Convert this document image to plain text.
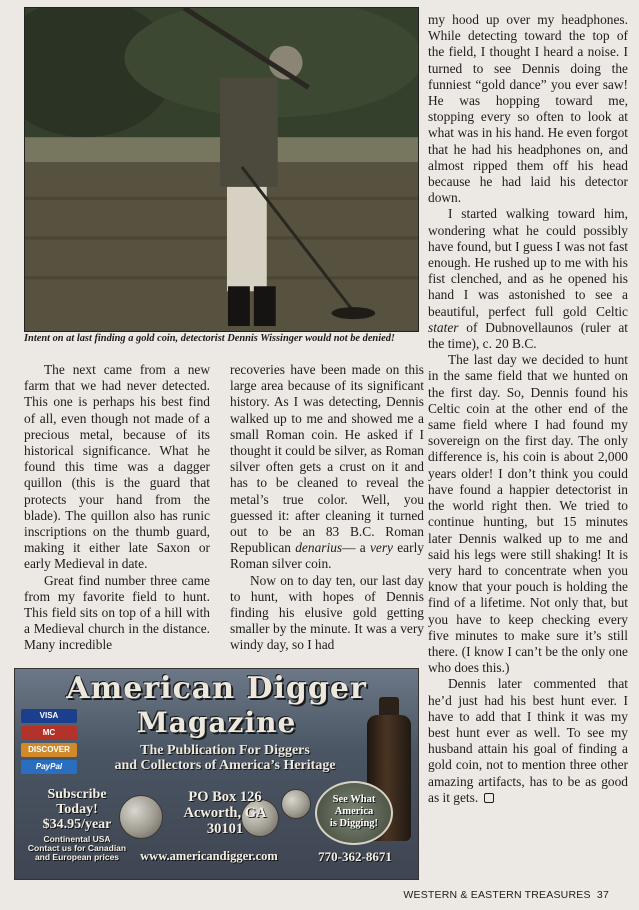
Intent on at last finding a gold coin, detectorist Dennis Wissinger would not be denied!

The next came from a new farm that we had never detected. This one is perhaps his best find of all, even though not made of a precious metal, because of its historical significance. What he found this time was a dagger quillon (this is the guard that protects your hand from the blade). The quillon also has runic inscriptions on the thumb guard, making it either late Saxon or early Medieval in date.

Great find number three came from my favorite field to hunt. This field sits on top of a hill with a Medieval church in the distance. Many incredible

recoveries have been made on this large area because of its significant history. As I was detecting, Dennis walked up to me and showed me a small Roman coin. He asked if I thought it could be silver, as Roman silver often gets a crust on it and has to be cleaned to reveal the metal’s true color. Well, you guessed it: after cleaning it turned out to be an 83 B.C. Roman Republican denarius— a very early Roman silver coin.

Now on to day ten, our last day to hunt, with hopes of Dennis finding his elusive gold getting smaller by the minute. It was a very windy day, so I had

my hood up over my headphones. While detecting toward the top of the field, I thought I heard a noise. I turned to see Dennis doing the funniest “gold dance” you ever saw! He was hopping toward me, stopping every so often to look at what was in his hand. He even forgot that he had his headphones on, and almost ripped them off his head because he had laid his detector down.

I started walking toward him, wondering what he could possibly have found, but I guess I was not fast enough. He rushed up to me with his fist clenched, and as he opened his hand I was astonished to see a beautiful, perfect full gold Celtic stater of Dubnovellaunos (ruler at the time), c. 20 B.C.

The last day we decided to hunt in the same field that we hunted on the first day. So, Dennis found his Celtic coin at the other end of the same field where I had found my sovereign on the first day. The only difference is, his coin is about 2,000 years older! I don’t think you could have found a happier detectorist in the world right then. We tried to continue hunting, but 15 minutes later Dennis walked up to me and said his legs were still shaking! It is very hard to concentrate when you know that your pouch is holding the find of a lifetime. Not only that, but you have to keep checking every five minutes to make sure it’s still there. (I know I can’t be the only one who does this.)

Dennis later commented that he’d just had his best hunt ever. I have to add that I think it was my best hunt ever as well. To see my husband attain his goal of finding a gold coin, not to mention three other amazing artifacts, has to be as good as it gets.

American Digger
Magazine
VISA
MC
DISCOVER
PayPal
The Publication For Diggers
and Collectors of America’s Heritage
Subscribe Today!
$34.95/year
Continental USA Contact us for Canadian and European prices
PO Box 126
Acworth, GA
30101
See What
America
is Digging!
www.americandigger.com	770-362-8671
WESTERN & EASTERN TREASURES 37
